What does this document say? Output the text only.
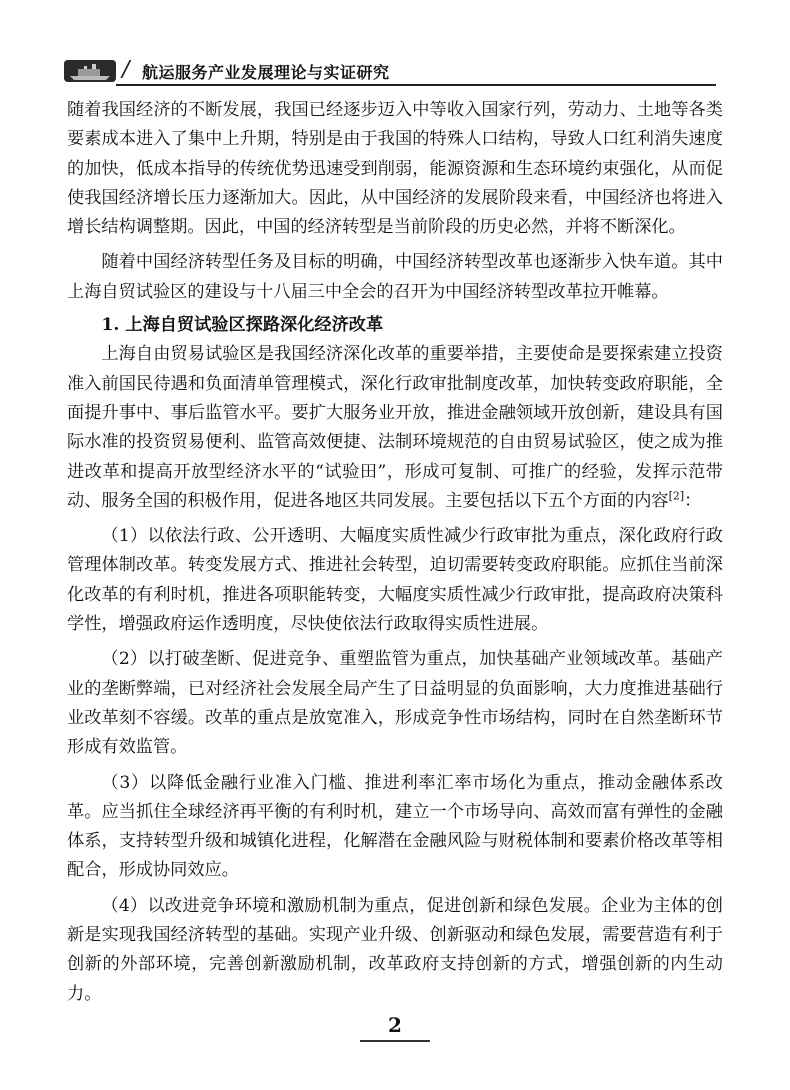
∕ 航运服务产业发展理论与实证研究

随着我国经济的不断发展，我国已经逐步迈入中等收入国家行列，劳动力、土地等各类要素成本进入了集中上升期，特别是由于我国的特殊人口结构，导致人口红利消失速度的加快，低成本指导的传统优势迅速受到削弱，能源资源和生态环境约束强化，从而促使我国经济增长压力逐渐加大。因此，从中国经济的发展阶段来看，中国经济也将进入增长结构调整期。因此，中国的经济转型是当前阶段的历史必然，并将不断深化。

随着中国经济转型任务及目标的明确，中国经济转型改革也逐渐步入快车道。其中上海自贸试验区的建设与十八届三中全会的召开为中国经济转型改革拉开帷幕。

1. 上海自贸试验区探路深化经济改革

上海自由贸易试验区是我国经济深化改革的重要举措，主要使命是要探索建立投资准入前国民待遇和负面清单管理模式，深化行政审批制度改革，加快转变政府职能，全面提升事中、事后监管水平。要扩大服务业开放，推进金融领域开放创新，建设具有国际水准的投资贸易便利、监管高效便捷、法制环境规范的自由贸易试验区，使之成为推进改革和提高开放型经济水平的“试验田”，形成可复制、可推广的经验，发挥示范带动、服务全国的积极作用，促进各地区共同发展。主要包括以下五个方面的内容[2]：

（1）以依法行政、公开透明、大幅度实质性减少行政审批为重点，深化政府行政管理体制改革。转变发展方式、推进社会转型，迫切需要转变政府职能。应抓住当前深化改革的有利时机，推进各项职能转变，大幅度实质性减少行政审批，提高政府决策科学性，增强政府运作透明度，尽快使依法行政取得实质性进展。

（2）以打破垄断、促进竞争、重塑监管为重点，加快基础产业领域改革。基础产业的垄断弊端，已对经济社会发展全局产生了日益明显的负面影响，大力度推进基础行业改革刻不容缓。改革的重点是放宽准入，形成竞争性市场结构，同时在自然垄断环节形成有效监管。

（3）以降低金融行业准入门槛、推进利率汇率市场化为重点，推动金融体系改革。应当抓住全球经济再平衡的有利时机，建立一个市场导向、高效而富有弹性的金融体系，支持转型升级和城镇化进程，化解潜在金融风险与财税体制和要素价格改革等相配合，形成协同效应。

（4）以改进竞争环境和激励机制为重点，促进创新和绿色发展。企业为主体的创新是实现我国经济转型的基础。实现产业升级、创新驱动和绿色发展，需要营造有利于创新的外部环境，完善创新激励机制，改革政府支持创新的方式，增强创新的内生动力。

2
